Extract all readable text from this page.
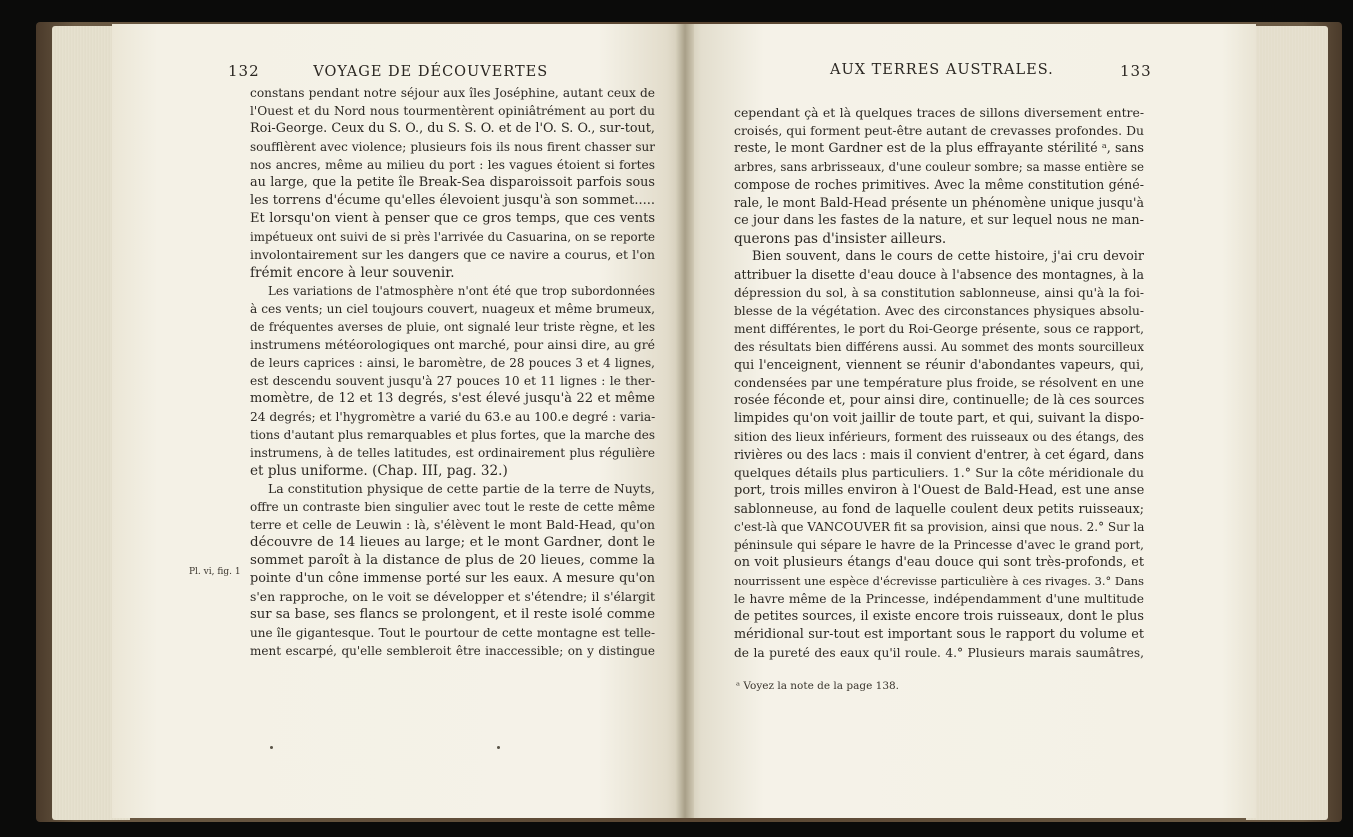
132	VOYAGE DE DÉCOUVERTES	AUX TERRES AUSTRALES.	133
constans pendant notre séjour aux îles Joséphine, autant ceux de
l'Ouest et du Nord nous tourmentèrent opiniâtrément au port du
Roi-George. Ceux du S. O., du S. S. O. et de l'O. S. O., sur-tout,
soufflèrent avec violence; plusieurs fois ils nous firent chasser sur
nos ancres, même au milieu du port : les vagues étoient si fortes
au large, que la petite île Break-Sea disparoissoit parfois sous
les torrens d'écume qu'elles élevoient jusqu'à son sommet.....
Et lorsqu'on vient à penser que ce gros temps, que ces vents
impétueux ont suivi de si près l'arrivée du Casuarina, on se reporte
involontairement sur les dangers que ce navire a courus, et l'on
frémit encore à leur souvenir.
Les variations de l'atmosphère n'ont été que trop subordonnées
à ces vents; un ciel toujours couvert, nuageux et même brumeux,
de fréquentes averses de pluie, ont signalé leur triste règne, et les
instrumens météorologiques ont marché, pour ainsi dire, au gré
de leurs caprices : ainsi, le baromètre, de 28 pouces 3 et 4 lignes,
est descendu souvent jusqu'à 27 pouces 10 et 11 lignes : le ther-
momètre, de 12 et 13 degrés, s'est élevé jusqu'à 22 et même
24 degrés; et l'hygromètre a varié du 63.e au 100.e degré : varia-
tions d'autant plus remarquables et plus fortes, que la marche des
instrumens, à de telles latitudes, est ordinairement plus régulière
et plus uniforme. (Chap. III, pag. 32.)
La constitution physique de cette partie de la terre de Nuyts,
offre un contraste bien singulier avec tout le reste de cette même
terre et celle de Leuwin : là, s'élèvent le mont Bald-Head, qu'on
découvre de 14 lieues au large; et le mont Gardner, dont le
sommet paroît à la distance de plus de 20 lieues, comme la
pointe d'un cône immense porté sur les eaux. A mesure qu'on
s'en rapproche, on le voit se développer et s'étendre; il s'élargit
sur sa base, ses flancs se prolongent, et il reste isolé comme
une île gigantesque. Tout le pourtour de cette montagne est telle-
ment escarpé, qu'elle sembleroit être inaccessible; on y distingue
Pl. vi, fig. 1
cependant çà et là quelques traces de sillons diversement entre-
croisés, qui forment peut-être autant de crevasses profondes. Du
reste, le mont Gardner est de la plus effrayante stérilité ᵃ, sans
arbres, sans arbrisseaux, d'une couleur sombre; sa masse entière se
compose de roches primitives. Avec la même constitution géné-
rale, le mont Bald-Head présente un phénomène unique jusqu'à
ce jour dans les fastes de la nature, et sur lequel nous ne man-
querons pas d'insister ailleurs.
Bien souvent, dans le cours de cette histoire, j'ai cru devoir
attribuer la disette d'eau douce à l'absence des montagnes, à la
dépression du sol, à sa constitution sablonneuse, ainsi qu'à la foi-
blesse de la végétation. Avec des circonstances physiques absolu-
ment différentes, le port du Roi-George présente, sous ce rapport,
des résultats bien différens aussi. Au sommet des monts sourcilleux
qui l'enceignent, viennent se réunir d'abondantes vapeurs, qui,
condensées par une température plus froide, se résolvent en une
rosée féconde et, pour ainsi dire, continuelle; de là ces sources
limpides qu'on voit jaillir de toute part, et qui, suivant la dispo-
sition des lieux inférieurs, forment des ruisseaux ou des étangs, des
rivières ou des lacs : mais il convient d'entrer, à cet égard, dans
quelques détails plus particuliers. 1.° Sur la côte méridionale du
port, trois milles environ à l'Ouest de Bald-Head, est une anse
sablonneuse, au fond de laquelle coulent deux petits ruisseaux;
c'est-là que VANCOUVER fit sa provision, ainsi que nous. 2.° Sur la
péninsule qui sépare le havre de la Princesse d'avec le grand port,
on voit plusieurs étangs d'eau douce qui sont très-profonds, et
nourrissent une espèce d'écrevisse particulière à ces rivages. 3.° Dans
le havre même de la Princesse, indépendamment d'une multitude
de petites sources, il existe encore trois ruisseaux, dont le plus
méridional sur-tout est important sous le rapport du volume et
de la pureté des eaux qu'il roule. 4.° Plusieurs marais saumâtres,
ᵃ Voyez la note de la page 138.
